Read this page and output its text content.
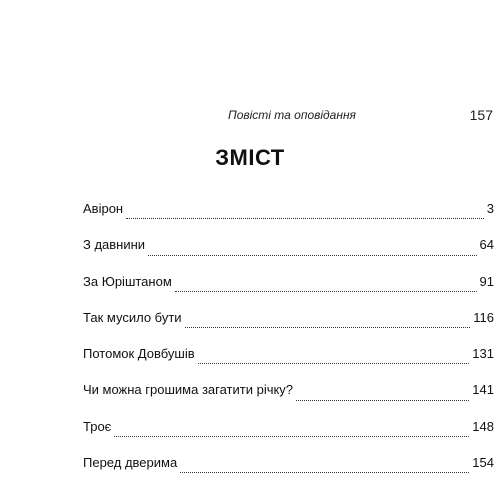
Повісті та оповідання	157
ЗМІСТ
Авірон	3
З давнини	64
За Юріштаном	91
Так мусило бути	116
Потомок Довбушів	131
Чи можна грошима загатити річку?	141
Троє	148
Перед дверима	154
